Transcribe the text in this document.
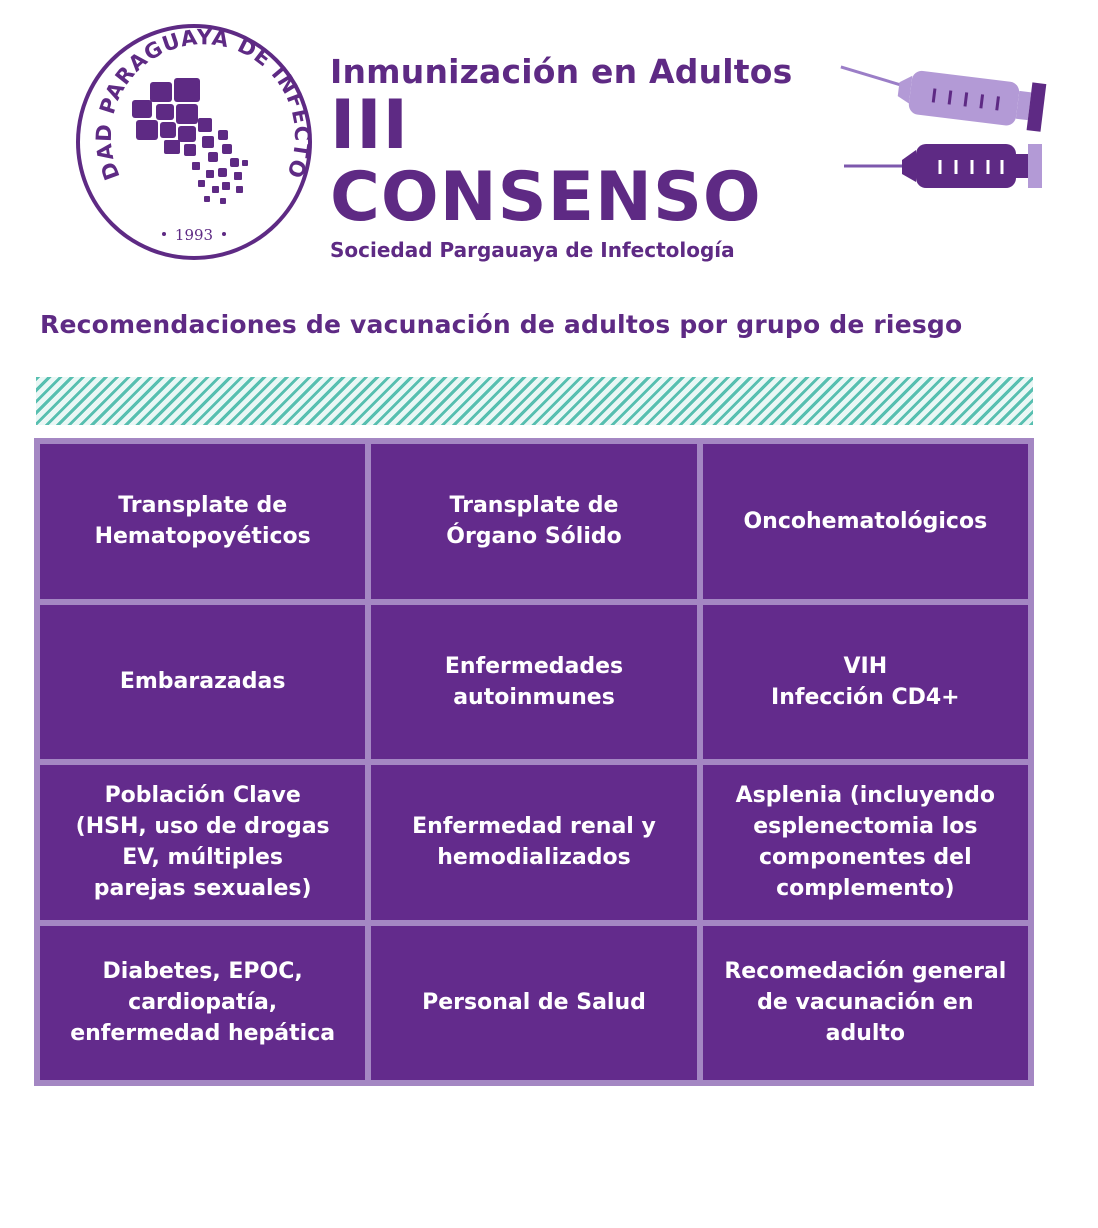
DAD PARAGUAYA DE INFECTO
1993
Inmunización en Adultos
III CONSENSO
Sociedad Pargauaya de Infectología
Recomendaciones de vacunación de adultos por grupo de riesgo
Transplate de
Hematopoyéticos
Transplate de
Órgano Sólido
Oncohematológicos
Embarazadas
Enfermedades
autoinmunes
VIH
Infección CD4+
Población Clave
(HSH, uso de drogas
EV, múltiples
parejas sexuales)
Enfermedad renal y
hemodializados
Asplenia (incluyendo
esplenectomia los
componentes del
complemento)
Diabetes, EPOC,
cardiopatía,
enfermedad hepática
Personal de Salud
Recomedación general
de vacunación en
adulto
